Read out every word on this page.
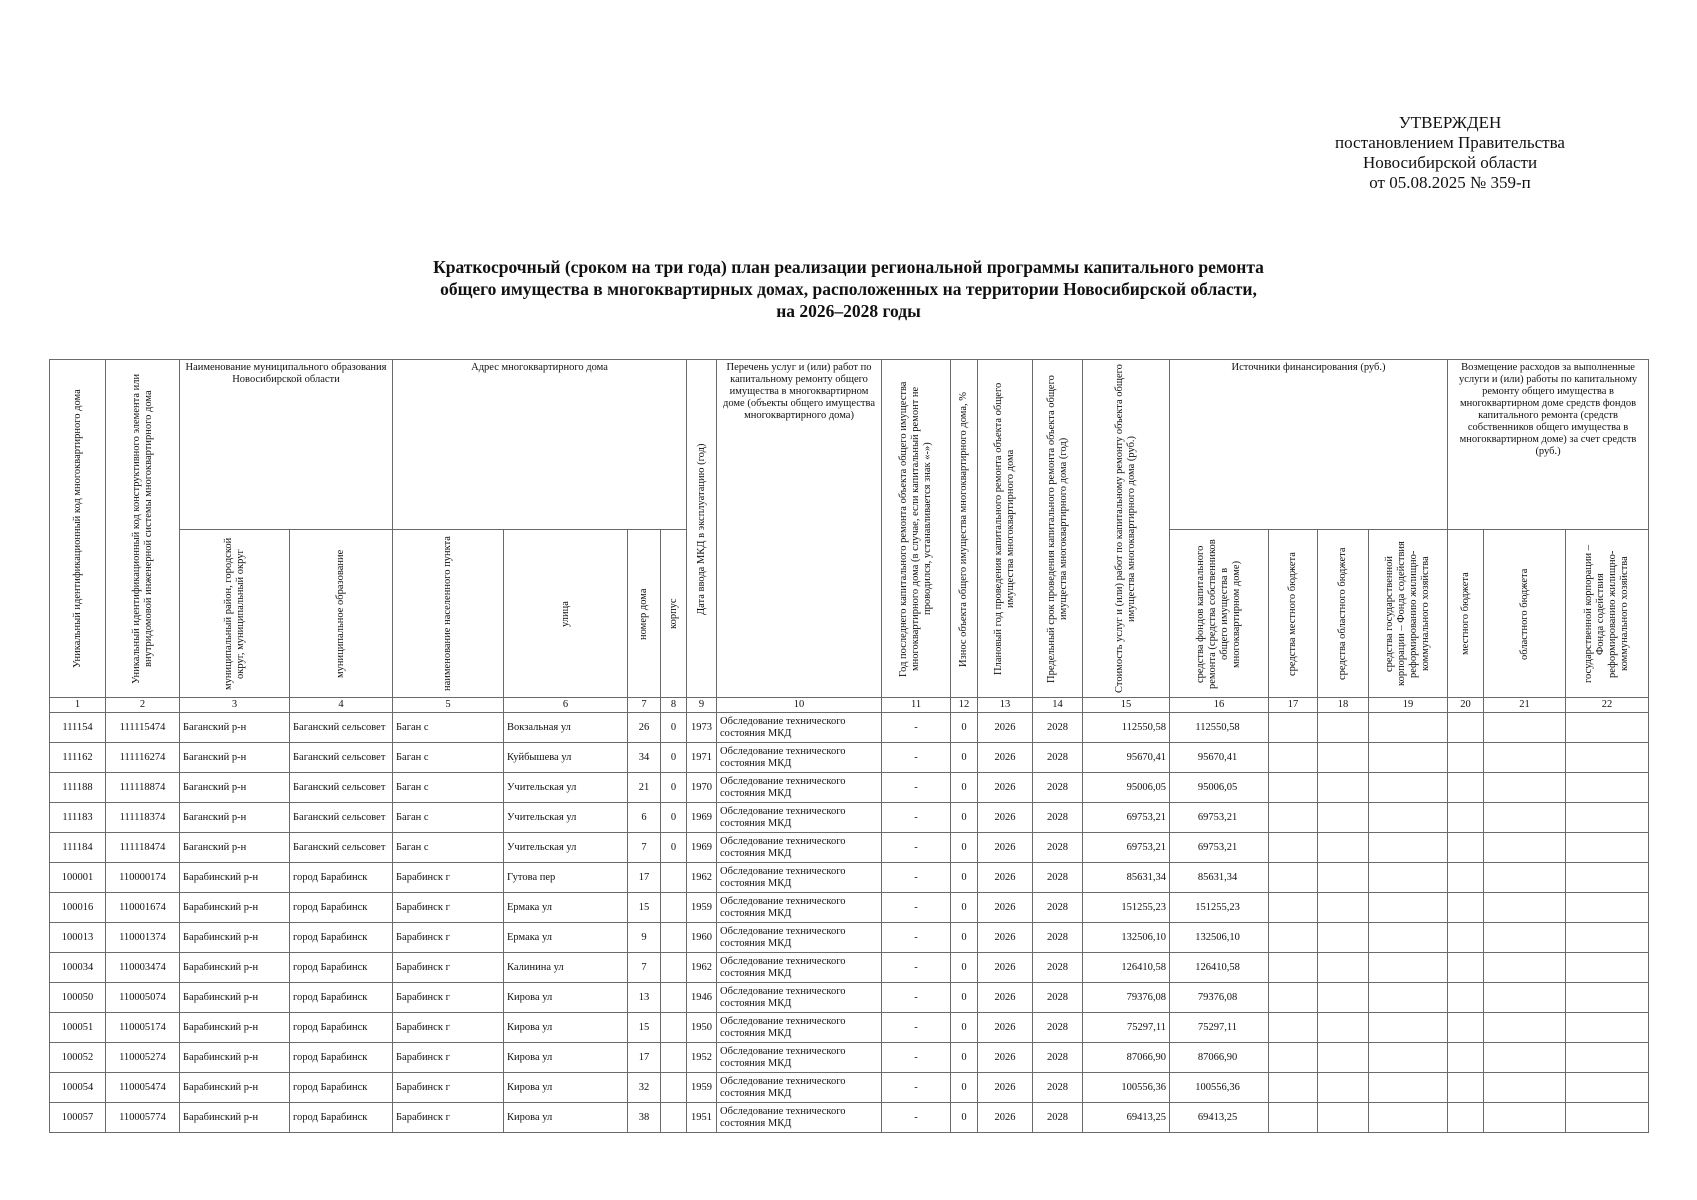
УТВЕРЖДЕН
постановлением Правительства
Новосибирской области
от 05.08.2025 № 359-п
Краткосрочный (сроком на три года) план реализации региональной программы капитального ремонта
общего имущества в многоквартирных домах, расположенных на территории Новосибирской области,
на 2026–2028 годы
Уникальный идентификационный код многоквартирного дома	Уникальный идентификационный код конструктивного элемента или внутридомовой инженерной системы многоквартирного дома	Наименование муниципального образования Новосибирской области		Адрес многоквартирного дома				Дата ввода МКД в эксплуатацию (год)	Перечень услуг и (или) работ по капитальному ремонту общего имущества в многоквартирном доме (объекты общего имущества многоквартирного дома)	Год последнего капитального ремонта объекта общего имущества многоквартирного дома (в случае, если капитальный ремонт не проводился, устанавливается знак «-»)	Износ объекта общего имущества многоквартирного дома, %	Плановый год проведения капитального ремонта объекта общего имущества многоквартирного дома	Предельный срок проведения капитального ремонта объекта общего имущества многоквартирного дома (год)	Стоимость услуг и (или) работ по капитальному ремонту объекта общего имущества многоквартирного дома (руб.)	Источники финансирования (руб.)				Возмещение расходов за выполненные услуги и (или) работы по капитальному ремонту общего имущества в многоквартирном доме средств фондов капитального ремонта (средств собственников общего имущества в многоквартирном доме) за счет средств (руб.)		

		муниципальный район, городской округ, муниципальный округ	муниципальное образование	наименование населенного пункта	улица	номер дома	корпус								средства фондов капитального ремонта (средства собственников общего имущества в многоквартирном доме)	средства местного бюджета	средства областного бюджета	средства государственной корпорации – Фонда содействия реформированию жилищно-коммунального хозяйства	местного бюджета	областного бюджета	государственной корпорации – Фонда содействия реформированию жилищно-коммунального хозяйства

1	2	3	4	5	6	7	8	9	10	11	12	13	14	15	16	17	18	19	20	21	22
111154	111115474	Баганский р-н	Баганский сельсовет	Баган с	Вокзальная ул	26	0	1973	Обследование технического состояния МКД	-	0	2026	2028	112550,58	112550,58						
111162	111116274	Баганский р-н	Баганский сельсовет	Баган с	Куйбышева ул	34	0	1971	Обследование технического состояния МКД	-	0	2026	2028	95670,41	95670,41						
111188	111118874	Баганский р-н	Баганский сельсовет	Баган с	Учительская ул	21	0	1970	Обследование технического состояния МКД	-	0	2026	2028	95006,05	95006,05						
111183	111118374	Баганский р-н	Баганский сельсовет	Баган с	Учительская ул	6	0	1969	Обследование технического состояния МКД	-	0	2026	2028	69753,21	69753,21						
111184	111118474	Баганский р-н	Баганский сельсовет	Баган с	Учительская ул	7	0	1969	Обследование технического состояния МКД	-	0	2026	2028	69753,21	69753,21						
100001	110000174	Барабинский р-н	город Барабинск	Барабинск г	Гутова пер	17		1962	Обследование технического состояния МКД	-	0	2026	2028	85631,34	85631,34						
100016	110001674	Барабинский р-н	город Барабинск	Барабинск г	Ермака ул	15		1959	Обследование технического состояния МКД	-	0	2026	2028	151255,23	151255,23						
100013	110001374	Барабинский р-н	город Барабинск	Барабинск г	Ермака ул	9		1960	Обследование технического состояния МКД	-	0	2026	2028	132506,10	132506,10						
100034	110003474	Барабинский р-н	город Барабинск	Барабинск г	Калинина ул	7		1962	Обследование технического состояния МКД	-	0	2026	2028	126410,58	126410,58						
100050	110005074	Барабинский р-н	город Барабинск	Барабинск г	Кирова ул	13		1946	Обследование технического состояния МКД	-	0	2026	2028	79376,08	79376,08						
100051	110005174	Барабинский р-н	город Барабинск	Барабинск г	Кирова ул	15		1950	Обследование технического состояния МКД	-	0	2026	2028	75297,11	75297,11						
100052	110005274	Барабинский р-н	город Барабинск	Барабинск г	Кирова ул	17		1952	Обследование технического состояния МКД	-	0	2026	2028	87066,90	87066,90						
100054	110005474	Барабинский р-н	город Барабинск	Барабинск г	Кирова ул	32		1959	Обследование технического состояния МКД	-	0	2026	2028	100556,36	100556,36						
100057	110005774	Барабинский р-н	город Барабинск	Барабинск г	Кирова ул	38		1951	Обследование технического состояния МКД	-	0	2026	2028	69413,25	69413,25						
